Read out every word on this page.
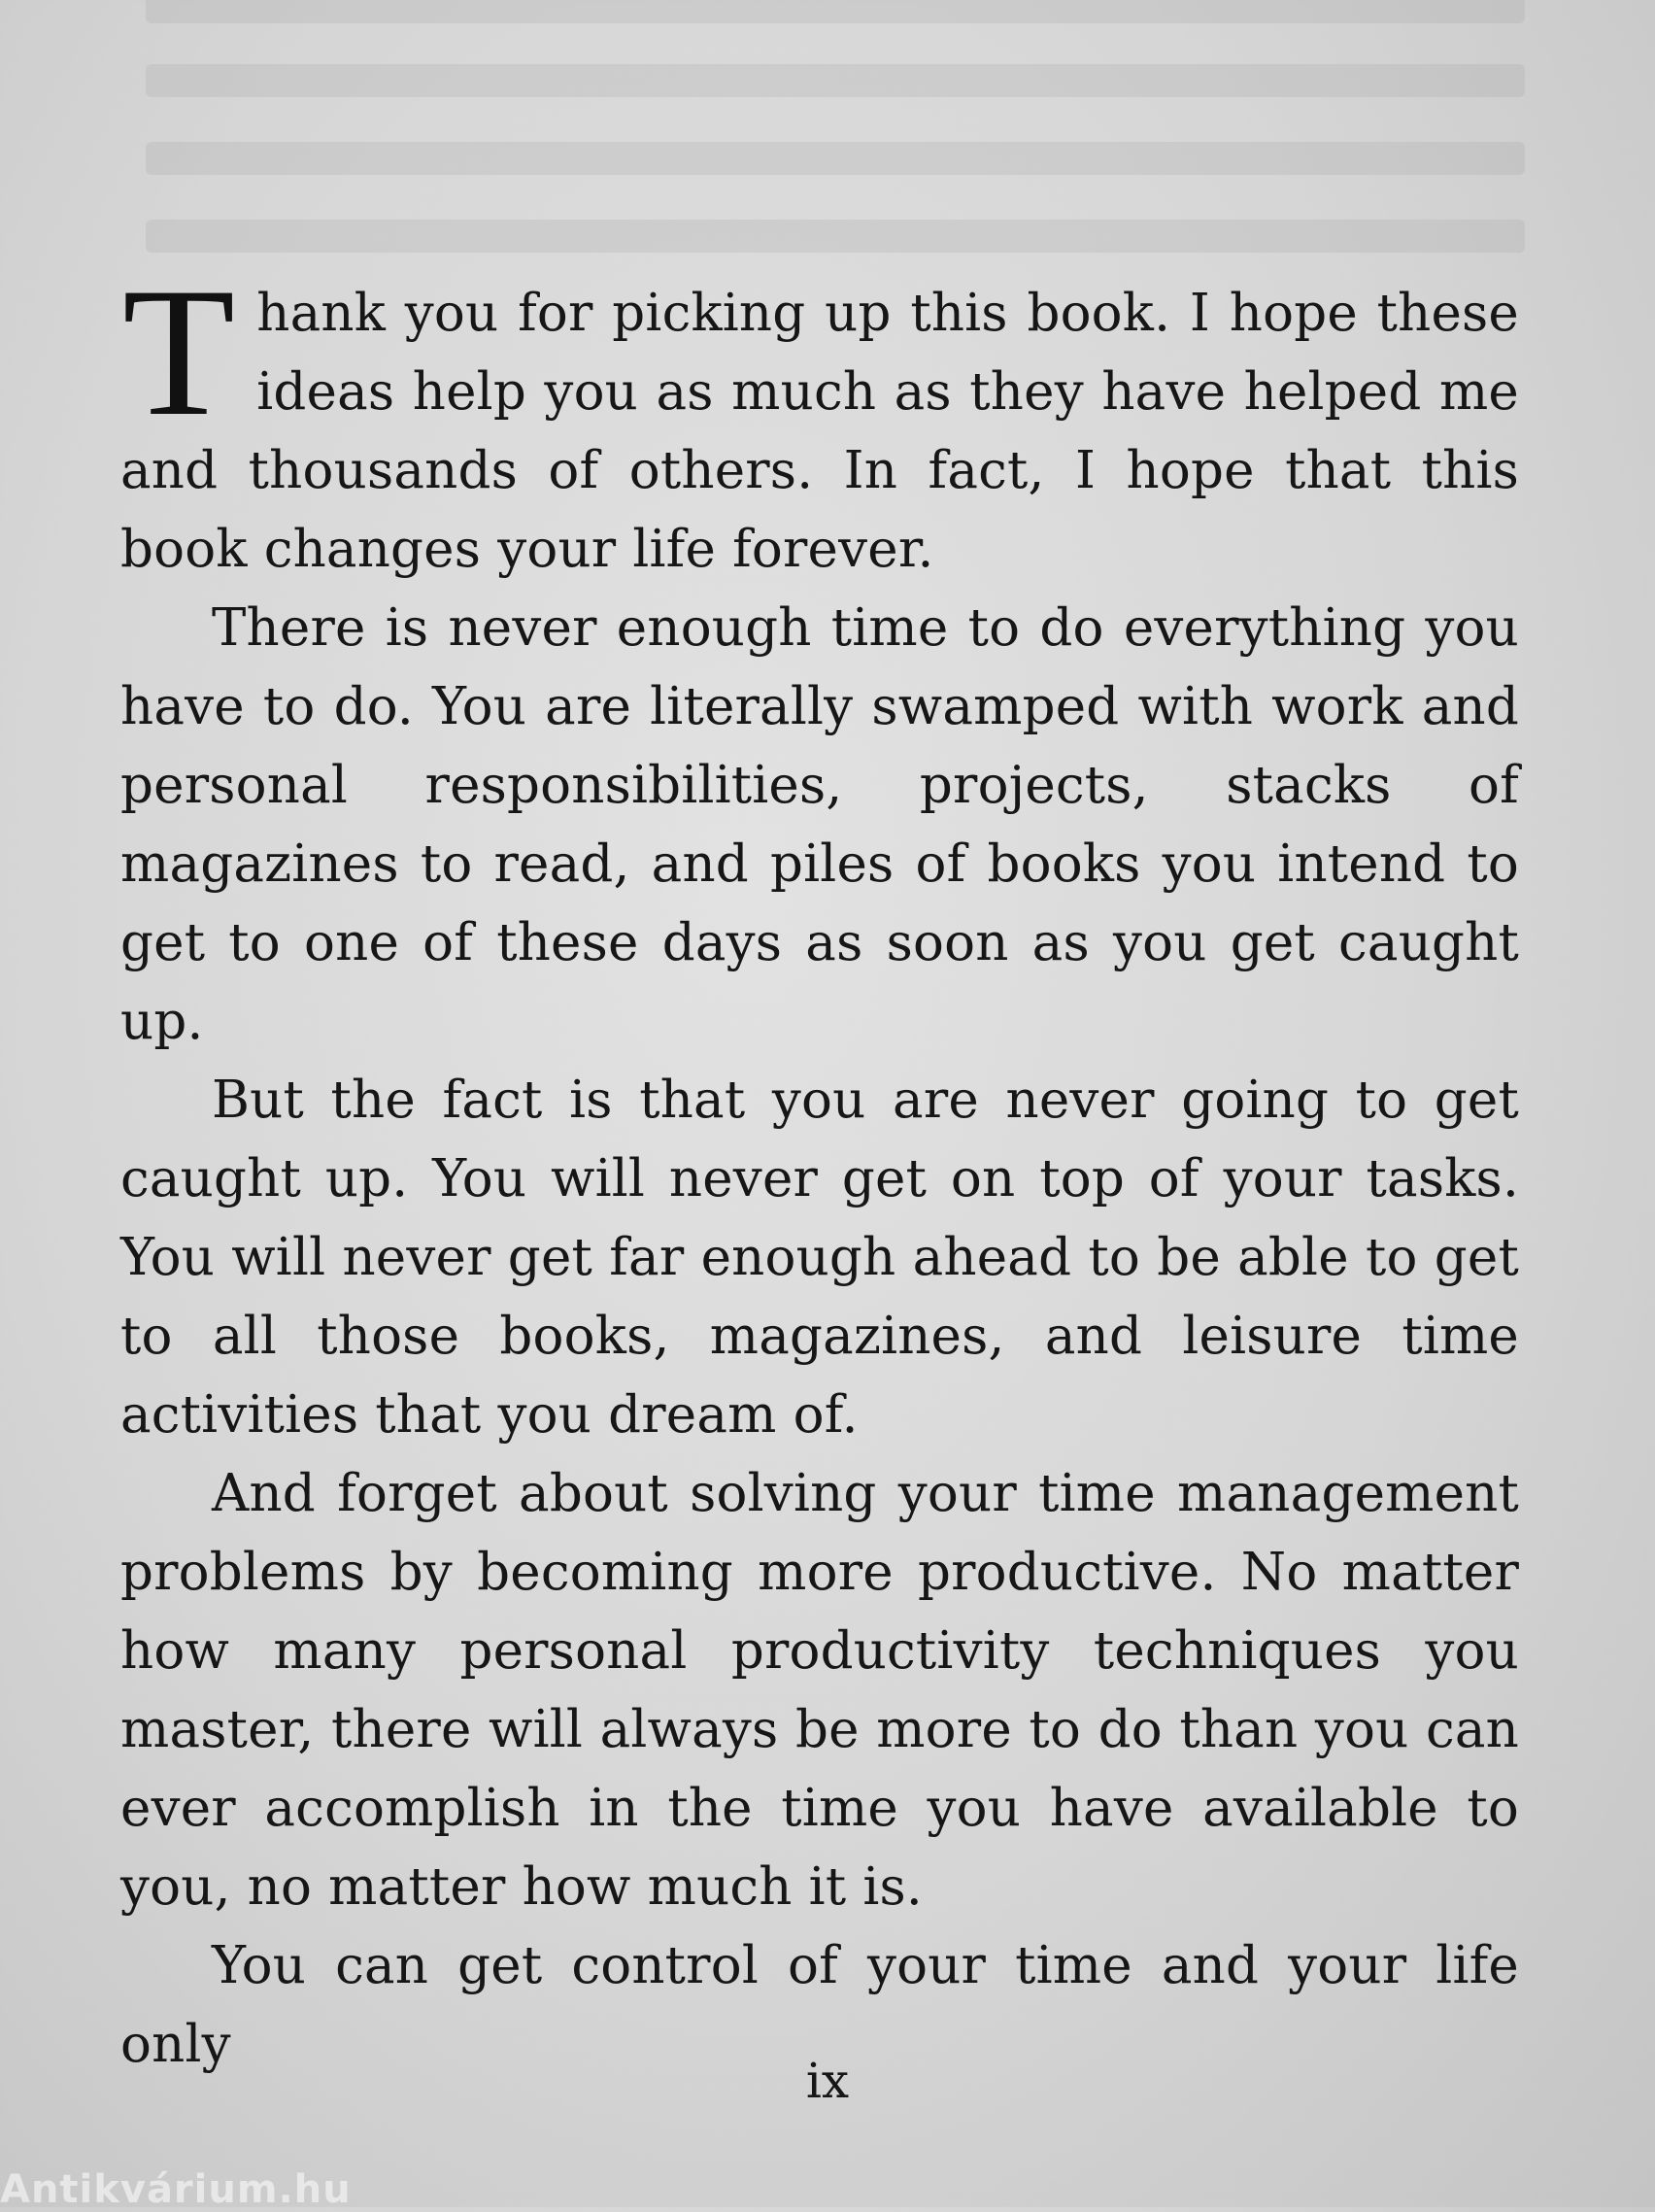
Thank you for picking up this book. I hope these ideas help you as much as they have helped me and thousands of others. In fact, I hope that this book changes your life forever.

There is never enough time to do everything you have to do. You are literally swamped with work and personal responsibilities, projects, stacks of magazines to read, and piles of books you intend to get to one of these days as soon as you get caught up.

But the fact is that you are never going to get caught up. You will never get on top of your tasks. You will never get far enough ahead to be able to get to all those books, magazines, and leisure time activities that you dream of.

And forget about solving your time management problems by becoming more productive. No matter how many personal productivity techniques you master, there will always be more to do than you can ever accomplish in the time you have available to you, no matter how much it is.

You can get control of your time and your life only

ix
Antikvárium.hu
